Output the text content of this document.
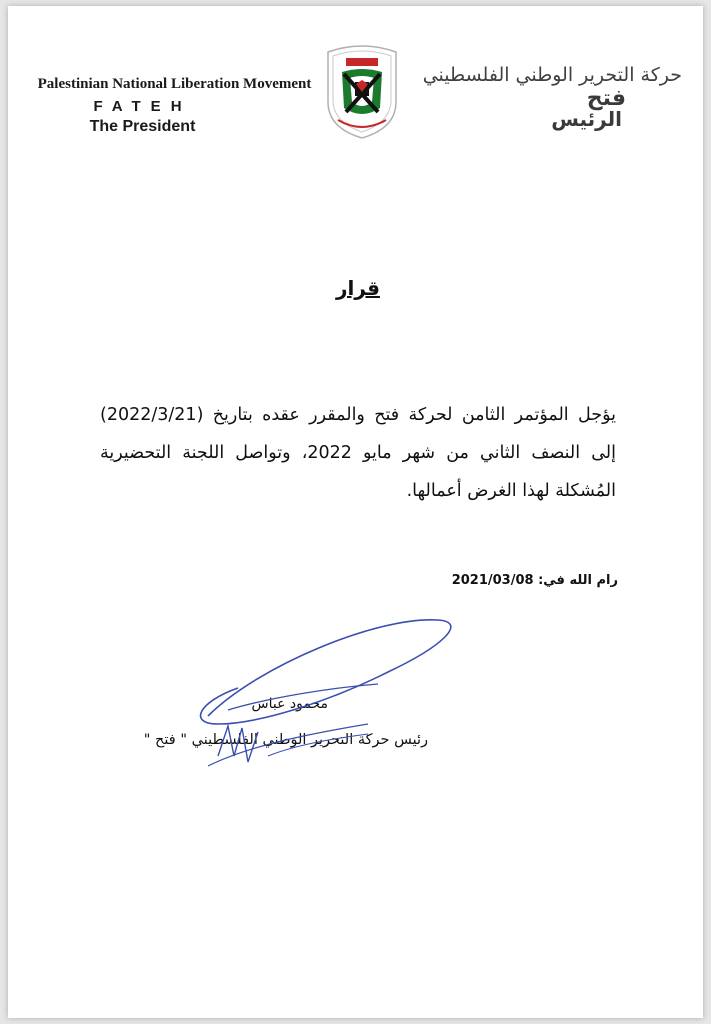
Palestinian National Liberation Movement
FATEH
The President
حركة التحرير الوطني الفلسطيني
فتح
الرئيس
قرار
يؤجل المؤتمر الثامن لحركة فتح والمقرر عقده بتاريخ (2022/3/21) إلى النصف الثاني من شهر مايو 2022، وتواصل اللجنة التحضيرية المُشكلة لهذا الغرض أعمالها.
رام الله في: 2021/03/08
محمود عباس
رئيس حركة التحرير الوطني الفلسطيني " فتح "
